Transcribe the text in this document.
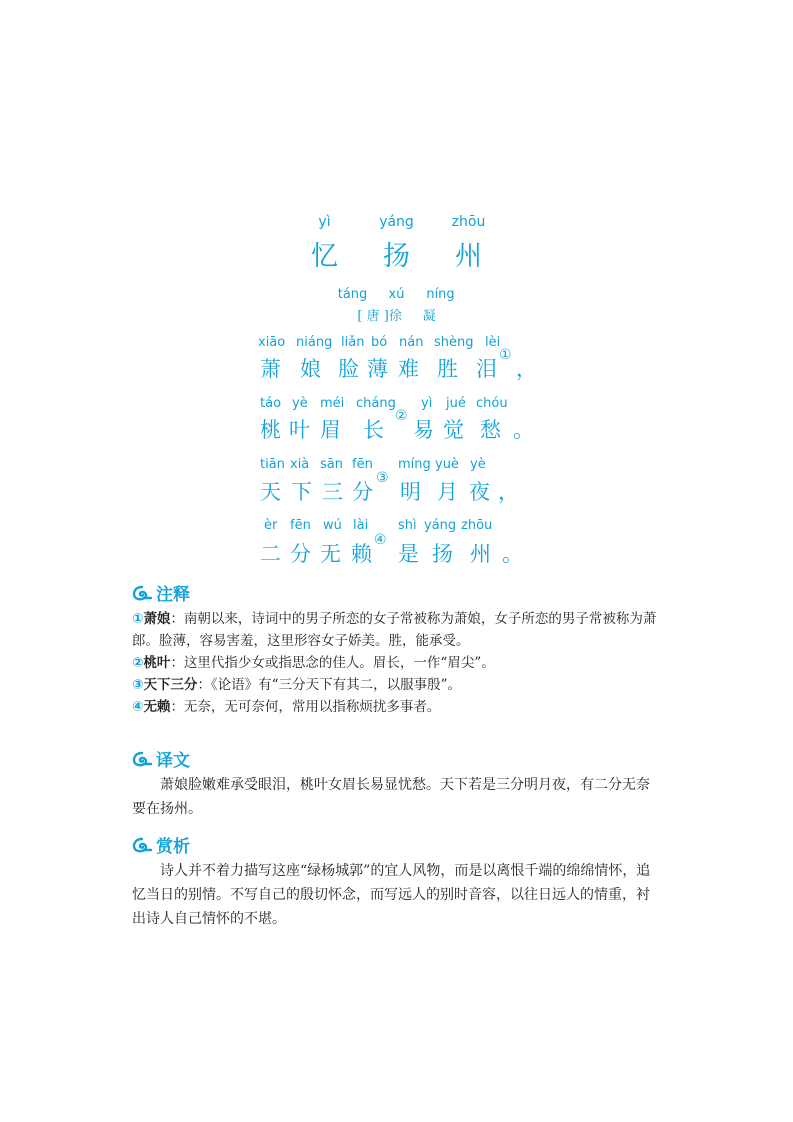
yì	yáng	zhōu
忆 扬 州
táng xú níng
[ 唐 ]徐 凝
xiāo niáng liǎn bó nán shèng lèi
萧 娘 脸 薄 难 胜 泪
①
，
táo yè méi cháng yì jué chóu
桃 叶 眉 长
②
易 觉 愁 。
tiān xià sān fēn míng yuè yè
天 下 三 分
③
明 月 夜 ，
èr fēn wú lài shì yáng zhōu
二 分 无 赖
④
是 扬 州 。
注释

①萧娘：南朝以来，诗词中的男子所恋的女子常被称为萧娘，女子所恋的男子常被称为萧郎。脸薄，容易害羞，这里形容女子娇美。胜，能承受。

②桃叶：这里代指少女或指思念的佳人。眉长，一作“眉尖”。

③天下三分：《论语》有“三分天下有其二，以服事殷”。

④无赖：无奈，无可奈何，常用以指称烦扰多事者。

译文
萧娘脸嫩难承受眼泪，桃叶女眉长易显忧愁。天下若是三分明月夜，有二分无奈要在扬州。
赏析
诗人并不着力描写这座“绿杨城郭”的宜人风物，而是以离恨千端的绵绵情怀，追忆当日的别情。不写自己的殷切怀念，而写远人的别时音容，以往日远人的情重，衬出诗人自己情怀的不堪。
